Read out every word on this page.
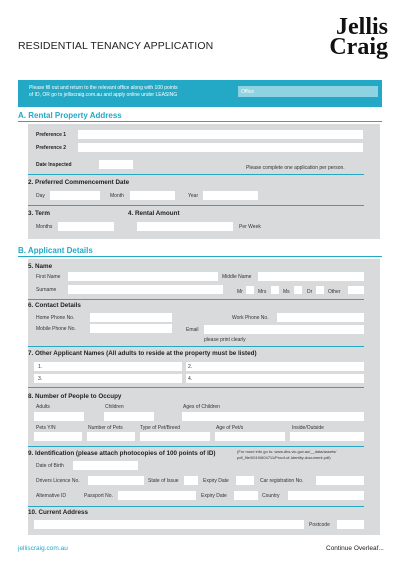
RESIDENTIAL TENANCY APPLICATION
Jellis
Craig
Please fill out and return to the relevant office along with 100 points
of ID, OR go to jelliscraig.com.au and apply online under LEASING	Office
A. Rental Property Address
Preference 1
Preference 2
Date Inspected	Please complete one application per person.
2. Preferred Commencement Date
Day	Month	Year
3. Term	4. Rental Amount
Months	Per Week
B. Applicant Details
5. Name
First Name	Middle Name
Surname	Mr	Mrs	Ms	Dr	Other
6. Contact Details
Home Phone No.	Work Phone No.
Mobile Phone No.	Email
please print clearly
7. Other Applicant Names (All adults to reside at the property must be listed)
1.	2.
3.	4.
8. Number of People to Occupy
Adults	Children	Ages of Children
Pets Y/N	Number of Pets	Type of Pet/Breed	Age of Pet/s	Inside/Outside
9. Identification (please attach photocopies of 100 points of ID)	(For more info go to: www.dhs.vic.gov.au/__data/assets/
pdf_file/0019/604711/Proof-of-Identity-document.pdf)
Date of Birth
Drivers Licence No.	State of Issue	Expiry Date	Car registration No.
Alternative ID	Passport No.	Expiry Date	Country
10. Current Address
Postcode
jelliscraig.com.au	Continue Overleaf...
